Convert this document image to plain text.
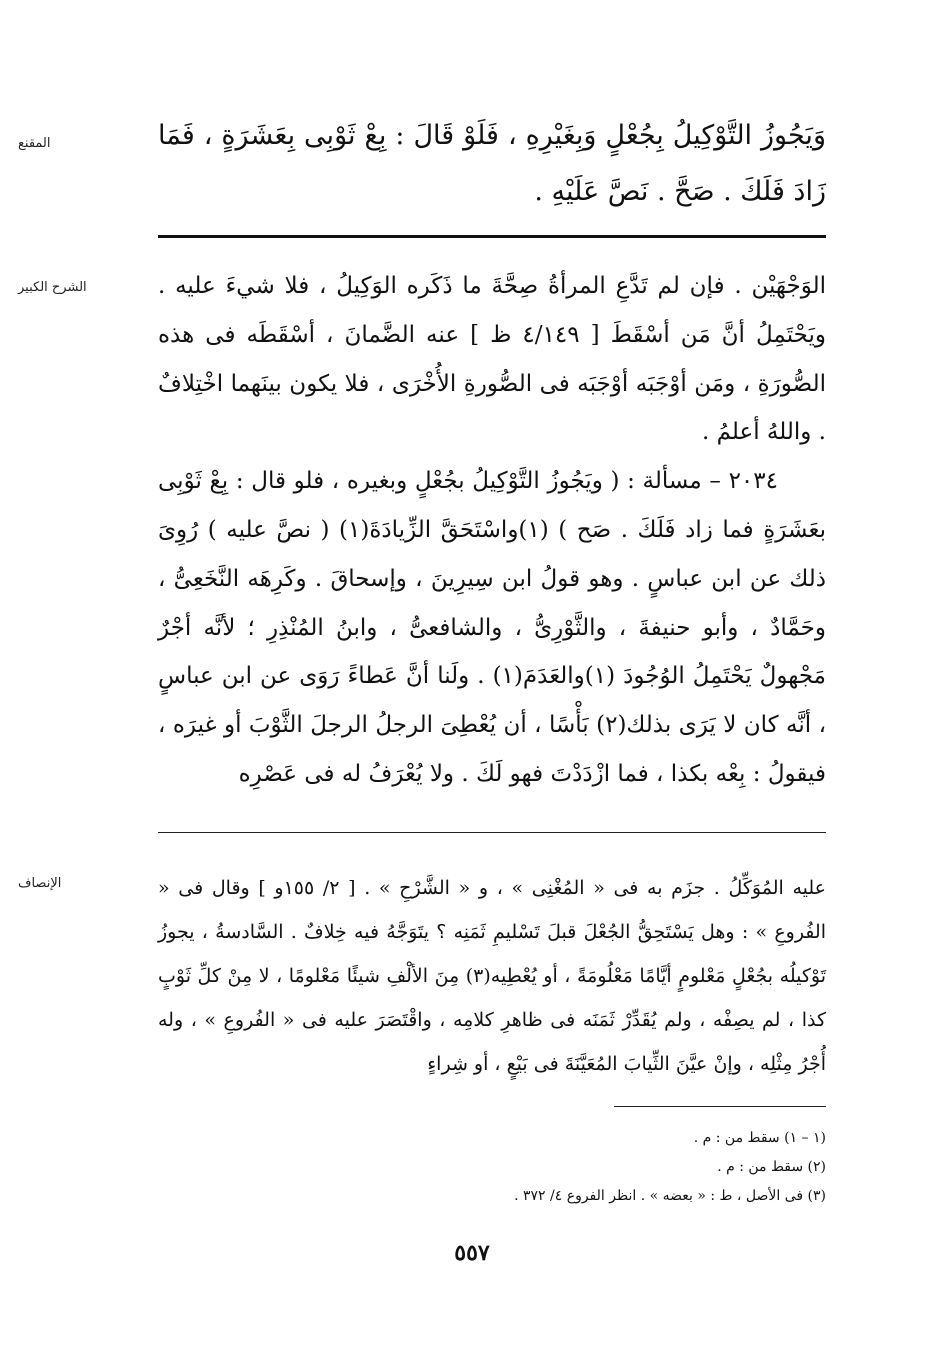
المقنع	وَيَجُوزُ التَّوْكِيلُ بِجُعْلٍ وَبِغَيْرِهِ ، فَلَوْ قَالَ : بِعْ ثَوْبِى بِعَشَرَةٍ ، فَمَا زَادَ فَلَكَ . صَحَّ . نَصَّ عَلَيْهِ .

الشرح الكبير	الوَجْهَيْن . فإن لم تَدَّعِ المرأةُ صِحَّةَ ما ذَكَره الوَكِيلُ ، فلا شيءَ عليه . ويَحْتَمِلُ أنَّ مَن أسْقَطَ [ ٤/١٤٩ ظ ] عنه الضَّمانَ ، أسْقَطَه فى هذه الصُّورَةِ ، ومَن أوْجَبَه أوْجَبَه فى الصُّورةِ الأُخْرَى ، فلا يكون بينَهما اخْتِلافٌ . واللهُ أعلمُ .

٢٠٣٤ – مسألة : ( ويَجُوزُ التَّوْكِيلُ بجُعْلٍ وبغيره ، فلو قال : بِعْ ثَوْبِى بعَشَرَةٍ فما زاد فَلَكَ . صَح ) (١)واسْتَحَقَّ الزِّيادَةَ(١) ( نصَّ عليه ) رُوِىَ ذلك عن ابن عباسٍ . وهو قولُ ابن سِيرِينَ ، وإسحاقَ . وكَرِهَه النَّخَعِىُّ ، وحَمَّادٌ ، وأبو حنيفةَ ، والثَّوْرِىُّ ، والشافعىُّ ، وابنُ المُنْذِرِ ؛ لأنَّه أجْرٌ مَجْهولٌ يَحْتَمِلُ الوُجُودَ (١)والعَدَمَ(١) . ولَنا أنَّ عَطاءً رَوَى عن ابن عباسٍ ، أنَّه كان لا يَرَى بذلك(٢) بَأْسًا ، أن يُعْطِىَ الرجلُ الرجلَ الثَّوْبَ أو غيرَه ، فيقولُ : بِعْه بكذا ، فما ازْدَدْتَ فهو لَكَ . ولا يُعْرَفُ له فى عَصْرِه

الإنصاف	عليه المُوَكِّلُ . جزَم به فى « المُغْنِى » ، و « الشَّرْحِ » . [ ٢/ ١٥٥و ] وقال فى « الفُروعِ » : وهل يَسْتَحِقُّ الجُعْلَ قبلَ تَسْليمِ ثَمَنِه ؟ يتَوَجَّهُ فيه خِلافٌ . السَّادسةُ ، يجوزُ تَوْكيلُه بجُعْلٍ مَعْلومٍ أيَّامًا مَعْلُومَةً ، أو يُعْطِيه(٣) مِنَ الألْفِ شيئًا مَعْلومًا ، لا مِنْ كلِّ ثَوْبٍ كذا ، لم يصِفْه ، ولم يُقَدِّرْ ثَمَنَه فى ظاهرِ كلامِه ، واقْتَصَرَ عليه فى « الفُروعِ » ، وله أُجْرُ مِثْلِه ، وإنْ عيَّنَ الثِّيابَ المُعَيَّنَةَ فى بَيْعٍ ، أو شِراءٍ

(١ – ١) سقط من : م .

(٢) سقط من : م .

(٣) فى الأصل ، ط : « بعضه » . انظر الفروع ٤/ ٣٧٢ .

٥٥٧
